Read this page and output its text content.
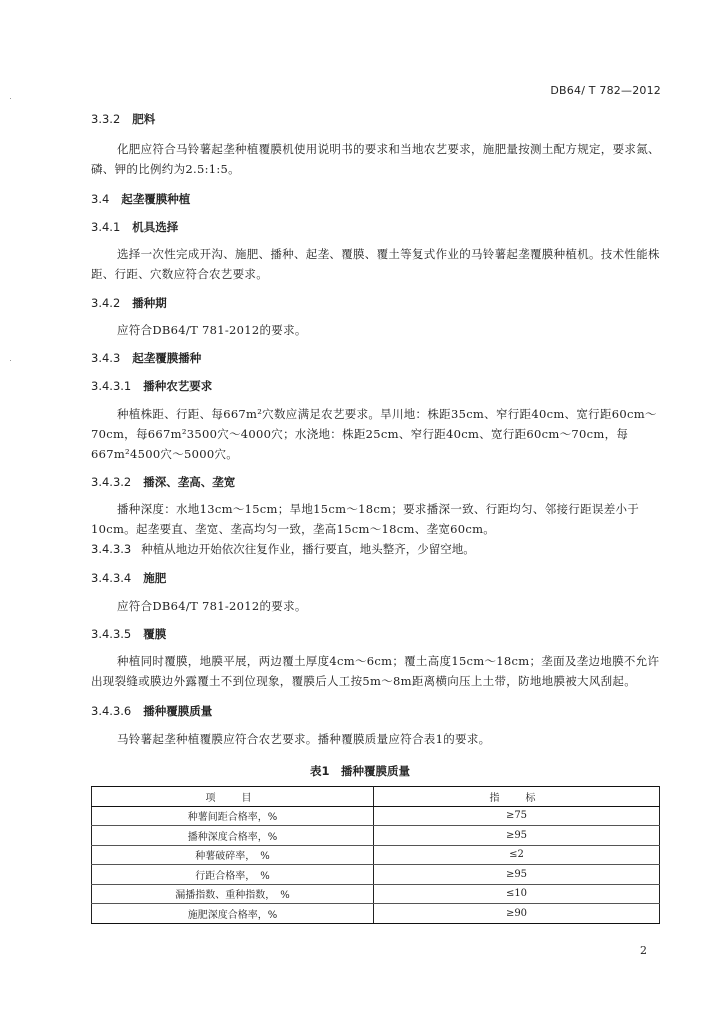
DB64/ T 782—2012
3.3.2 肥料

化肥应符合马铃薯起垄种植覆膜机使用说明书的要求和当地农艺要求，施肥量按测土配方规定，要求氮、磷、钾的比例约为2.5:1:5。

3.4 起垄覆膜种植
3.4.1 机具选择

选择一次性完成开沟、施肥、播种、起垄、覆膜、覆土等复式作业的马铃薯起垄覆膜种植机。技术性能株距、行距、穴数应符合农艺要求。

3.4.2 播种期

应符合DB64/T 781-2012的要求。

3.4.3 起垄覆膜播种
3.4.3.1 播种农艺要求

种植株距、行距、每667m²穴数应满足农艺要求。旱川地：株距35cm、窄行距40cm、宽行距60cm～70cm，每667m²3500穴～4000穴；水浇地：株距25cm、窄行距40cm、宽行距60cm～70cm，每667m²4500穴～5000穴。

3.4.3.2 播深、垄高、垄宽

播种深度：水地13cm～15cm；旱地15cm～18cm；要求播深一致、行距均匀、邻接行距误差小于10cm。起垄要直、垄宽、垄高均匀一致，垄高15cm～18cm、垄宽60cm。

3.4.3.3 种植从地边开始依次往复作业，播行要直，地头整齐，少留空地。
3.4.3.4 施肥

应符合DB64/T 781-2012的要求。

3.4.3.5 覆膜

种植同时覆膜，地膜平展，两边覆土厚度4cm～6cm；覆土高度15cm～18cm；垄面及垄边地膜不允许出现裂缝或膜边外露覆土不到位现象，覆膜后人工按5m～8m距离横向压上土带，防地地膜被大风刮起。

3.4.3.6 播种覆膜质量

马铃薯起垄种植覆膜应符合农艺要求。播种覆膜质量应符合表1的要求。

表1　播种覆膜质量
项　目	指　标
种薯间距合格率，%	≥75
播种深度合格率，%	≥95
种薯破碎率，　%	≤2
行距合格率，　%	≥95
漏播指数、重种指数，　%	≤10
施肥深度合格率，%	≥90
2
